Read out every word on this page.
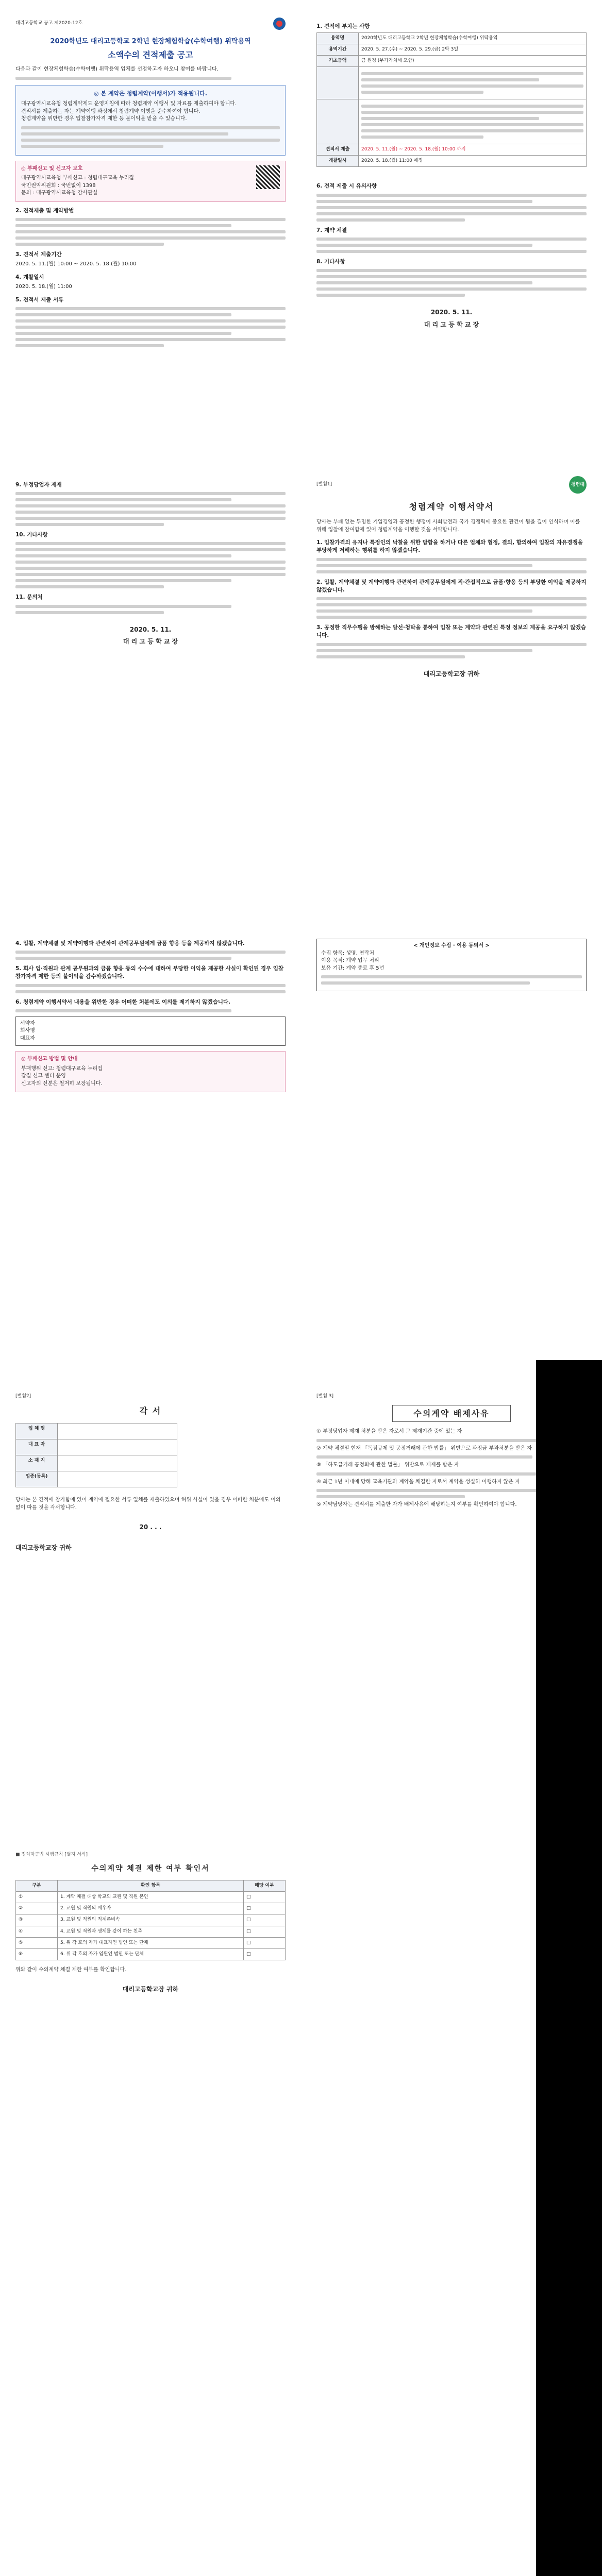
대리고등학교 공고 제2020-12호
2020학년도 대리고등학교 2학년 현장체험학습(수학여행) 위탁용역
소액수의 견적제출 공고
다음과 같이 현장체험학습(수학여행) 위탁용역 업체를 선정하고자 하오니 참여를 바랍니다.
◎ 본 계약은 청렴계약(이행서)가 적용됩니다.
대구광역시교육청 청렴계약제도 운영지침에 따라 청렴계약 이행서 및 자료를 제출하여야 합니다.
견적서를 제출하는 자는 계약이행 과정에서 청렴계약 이행을 준수하여야 합니다.
청렴계약을 위반한 경우 입찰참가자격 제한 등 불이익을 받을 수 있습니다.
◎ 부패신고 및 신고자 보호
대구광역시교육청 부패신고 : 청렴대구교육 누리집
국민권익위원회 : 국번없이 1398
문의 : 대구광역시교육청 감사관실
2. 견적제출 및 계약방법
3. 견적서 제출기간
2020. 5. 11.(월) 10:00 ~ 2020. 5. 18.(월) 10:00
4. 개찰일시
2020. 5. 18.(월) 11:00
5. 견적서 제출 서류
1. 견적에 부치는 사항
용역명	2020학년도 대리고등학교 2학년 현장체험학습(수학여행) 위탁용역
용역기간	2020. 5. 27.(수) ~ 2020. 5. 29.(금) 2박 3일
기초금액	금 원정 (부가가치세 포함)

견적서 제출	2020. 5. 11.(월) ~ 2020. 5. 18.(월) 10:00 까지
개찰일시	2020. 5. 18.(월) 11:00 예정
6. 견적 제출 시 유의사항
7. 계약 체결
8. 기타사항
2020. 5. 11.
대 리 고 등 학 교 장
9. 부정당업자 제재
10. 기타사항
11. 문의처
2020. 5. 11.
대 리 고 등 학 교 장
[별첨1]	청렴대구
청렴계약 이행서약서
당사는 부패 없는 투명한 기업경영과 공정한 행정이 사회발전과 국가 경쟁력에 중요한 관건이 됨을 깊이 인식하며 이를 위해 입찰에 참여함에 있어 청렴계약을 이행할 것을 서약합니다.
1. 입찰가격의 유지나 특정인의 낙찰을 위한 담합을 하거나 다른 업체와 협정, 결의, 합의하여 입찰의 자유경쟁을 부당하게 저해하는 행위를 하지 않겠습니다.
2. 입찰, 계약체결 및 계약이행과 관련하여 관계공무원에게 직·간접적으로 금품·향응 등의 부당한 이익을 제공하지 않겠습니다.
3. 공정한 직무수행을 방해하는 알선·청탁을 통하여 입찰 또는 계약과 관련된 특정 정보의 제공을 요구하지 않겠습니다.
대리고등학교장 귀하
4. 입찰, 계약체결 및 계약이행과 관련하여 관계공무원에게 금품 향응 등을 제공하지 않겠습니다.
5. 회사 임·직원과 관계 공무원과의 금품 향응 등의 수수에 대하여 부당한 이익을 제공한 사실이 확인된 경우 입찰참가자격 제한 등의 불이익을 감수하겠습니다.
6. 청렴계약 이행서약서 내용을 위반한 경우 어떠한 처분에도 이의를 제기하지 않겠습니다.
서약자
회사명
대표자
◎ 부패신고 방법 및 안내
부패행위 신고: 청렴대구교육 누리집
갑질 신고 센터 운영
신고자의 신분은 철저히 보장됩니다.
< 개인정보 수집 · 이용 동의서 >
수집 항목: 성명, 연락처
이용 목적: 계약 업무 처리
보유 기간: 계약 종료 후 5년
[별첨2]
각 서
업 체 명	
대 표 자	
소 재 지	
업종(등록)	
당사는 본 견적에 참가함에 있어 계약에 필요한 서류 일체를 제출하였으며 허위 사실이 있을 경우 어떠한 처분에도 이의 없이 따를 것을 각서합니다.
20 . . .
대리고등학교장 귀하
[별첨 3]
수의계약 배제사유
① 부정당업자 제재 처분을 받은 자로서 그 제재기간 중에 있는 자
② 계약 체결일 현재 「독점규제 및 공정거래에 관한 법률」 위반으로 과징금 부과처분을 받은 자
③ 「하도급거래 공정화에 관한 법률」 위반으로 제재를 받은 자
④ 최근 1년 이내에 당해 교육기관과 계약을 체결한 자로서 계약을 성실히 이행하지 않은 자
⑤ 계약담당자는 견적서를 제출한 자가 배제사유에 해당하는지 여부를 확인하여야 합니다.
■ 정치자금법 시행규칙 [별지 서식]
수의계약 체결 제한 여부 확인서
구분	확인 항목	해당 여부
①	1. 계약 체결 대상 학교의 교원 및 직원 본인	□
②	2. 교원 및 직원의 배우자	□
③	3. 교원 및 직원의 직계존비속	□
④	4. 교원 및 직원과 생계를 같이 하는 친족	□
⑤	5. 위 각 호의 자가 대표자인 법인 또는 단체	□
⑥	6. 위 각 호의 자가 임원인 법인 또는 단체	□
위와 같이 수의계약 체결 제한 여부를 확인합니다.
대리고등학교장 귀하
